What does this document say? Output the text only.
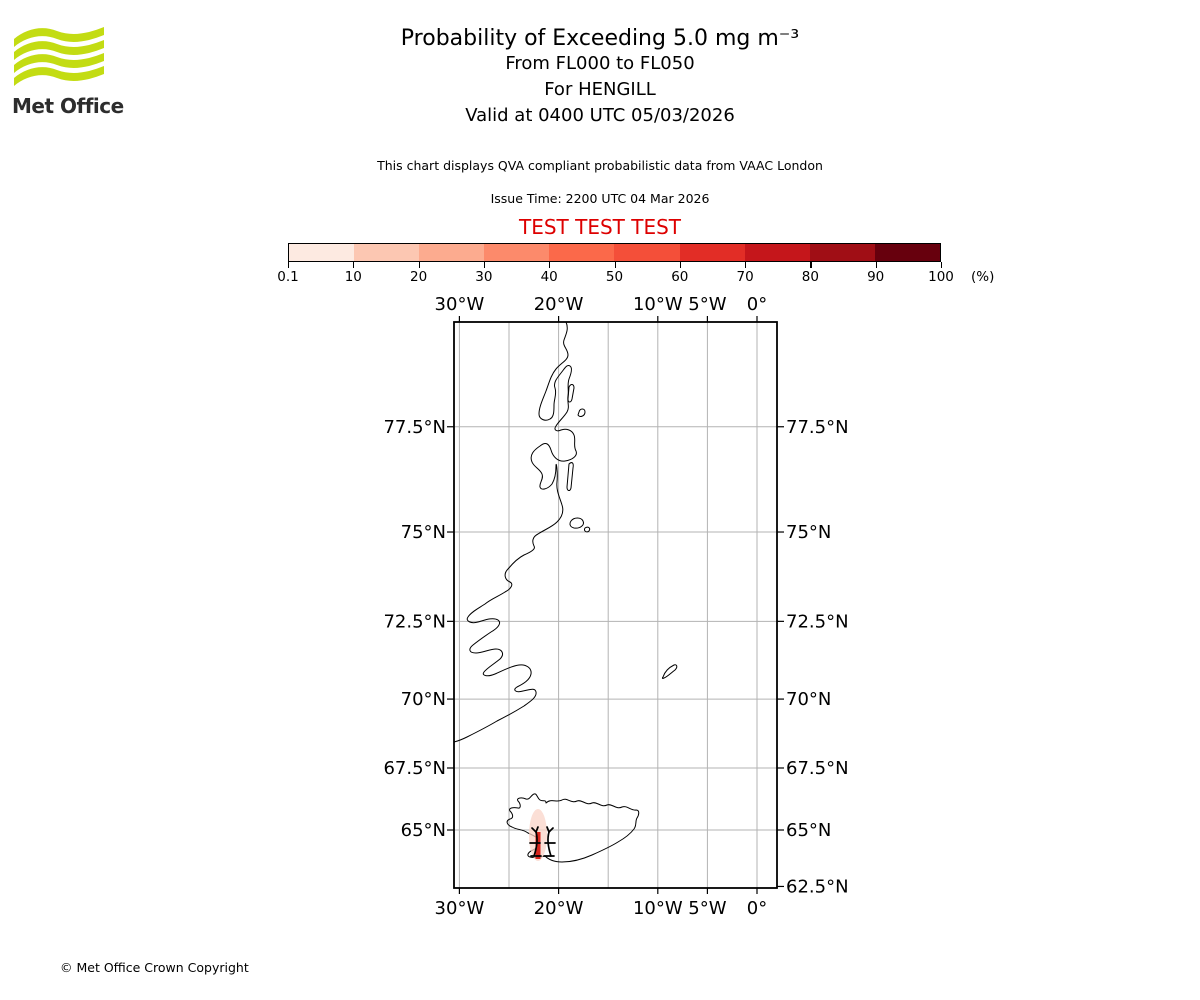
Met Office
Probability of Exceeding 5.0 mg m⁻³
From FL000 to FL050
For HENGILL
Valid at 0400 UTC 05/03/2026
This chart displays QVA compliant probabilistic data from VAAC London
Issue Time: 2200 UTC 04 Mar 2026
TEST TEST TEST
0.1	10	20	30	40	50	60	70	80	90	100 (%)
30°W
30°W
20°W
20°W
10°W
10°W
5°W
5°W
0°
0°
77.5°N
75°N
72.5°N
70°N
67.5°N
65°N
77.5°N
75°N
72.5°N
70°N
67.5°N
65°N
62.5°N
© Met Office Crown Copyright
